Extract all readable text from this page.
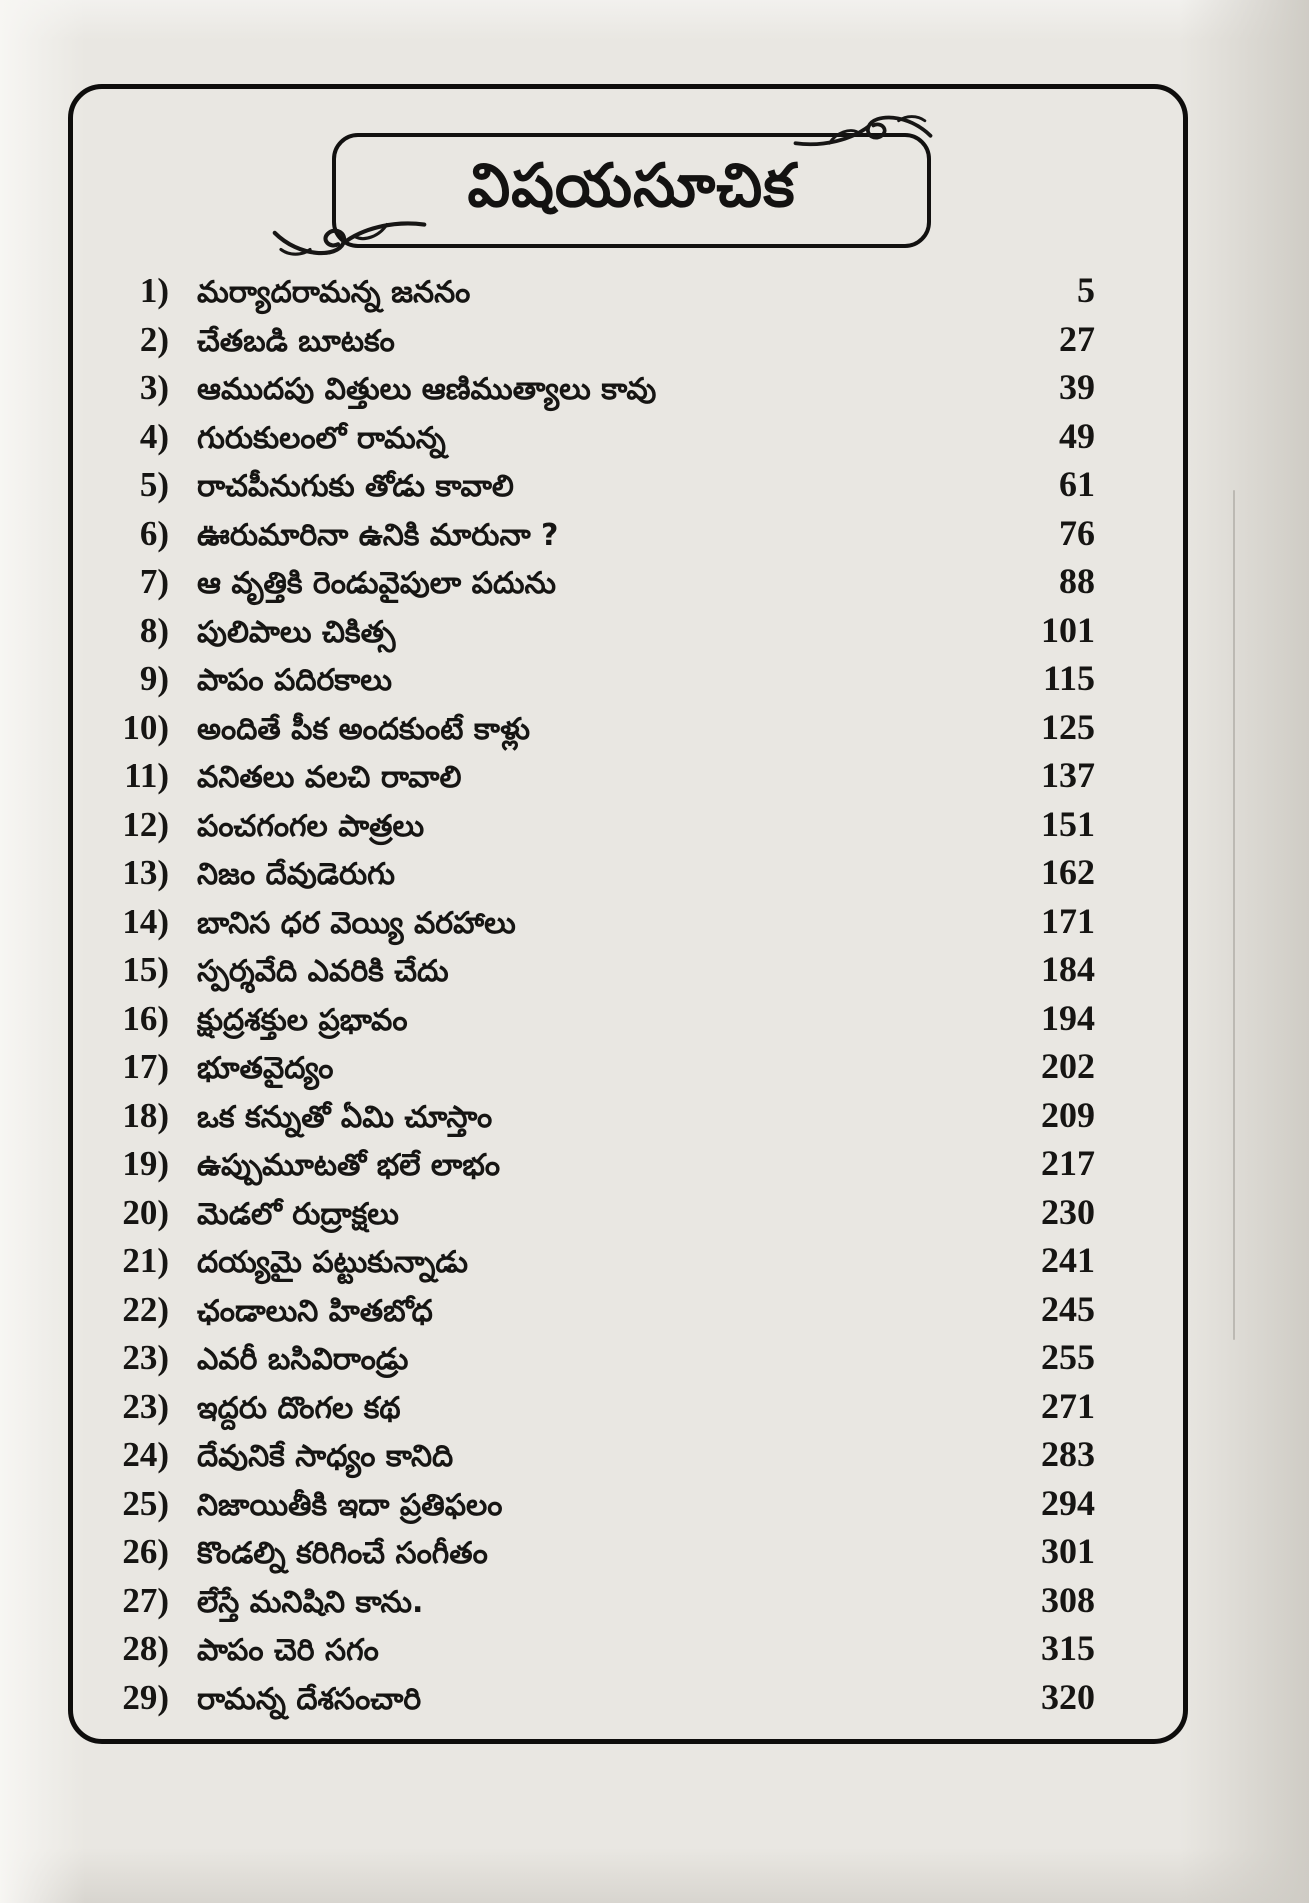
విషయసూచిక
1) మర్యాదరామన్న జననం	5
2) చేతబడి బూటకం	27
3) ఆముదపు విత్తులు ఆణిముత్యాలు కావు	39
4) గురుకులంలో రామన్న	49
5) రాచపీనుగుకు తోడు కావాలి	61
6) ఊరుమారినా ఉనికి మారునా ?	76
7) ఆ వృత్తికి రెండువైపులా పదును	88
8) పులిపాలు చికిత్స	101
9) పాపం పదిరకాలు	115
10) అందితే పీక అందకుంటే కాళ్లు	125
11) వనితలు వలచి రావాలి	137
12) పంచగంగల పాత్రలు	151
13) నిజం దేవుడెరుగు	162
14) బానిస ధర వెయ్యి వరహాలు	171
15) స్పర్శవేది ఎవరికి చేదు	184
16) క్షుద్రశక్తుల ప్రభావం	194
17) భూతవైద్యం	202
18) ఒక కన్నుతో ఏమి చూస్తాం	209
19) ఉప్పుమూటతో భలే లాభం	217
20) మెడలో రుద్రాక్షలు	230
21) దయ్యమై పట్టుకున్నాడు	241
22) ఛండాలుని హితబోధ	245
23) ఎవరీ బసివిరాండ్రు	255
23) ఇద్దరు దొంగల కథ	271
24) దేవునికే సాధ్యం కానిది	283
25) నిజాయితీకి ఇదా ప్రతిఫలం	294
26) కొండల్ని కరిగించే సంగీతం	301
27) లేస్తే మనిషిని కాను.	308
28) పాపం చెరి సగం	315
29) రామన్న దేశసంచారి	320
